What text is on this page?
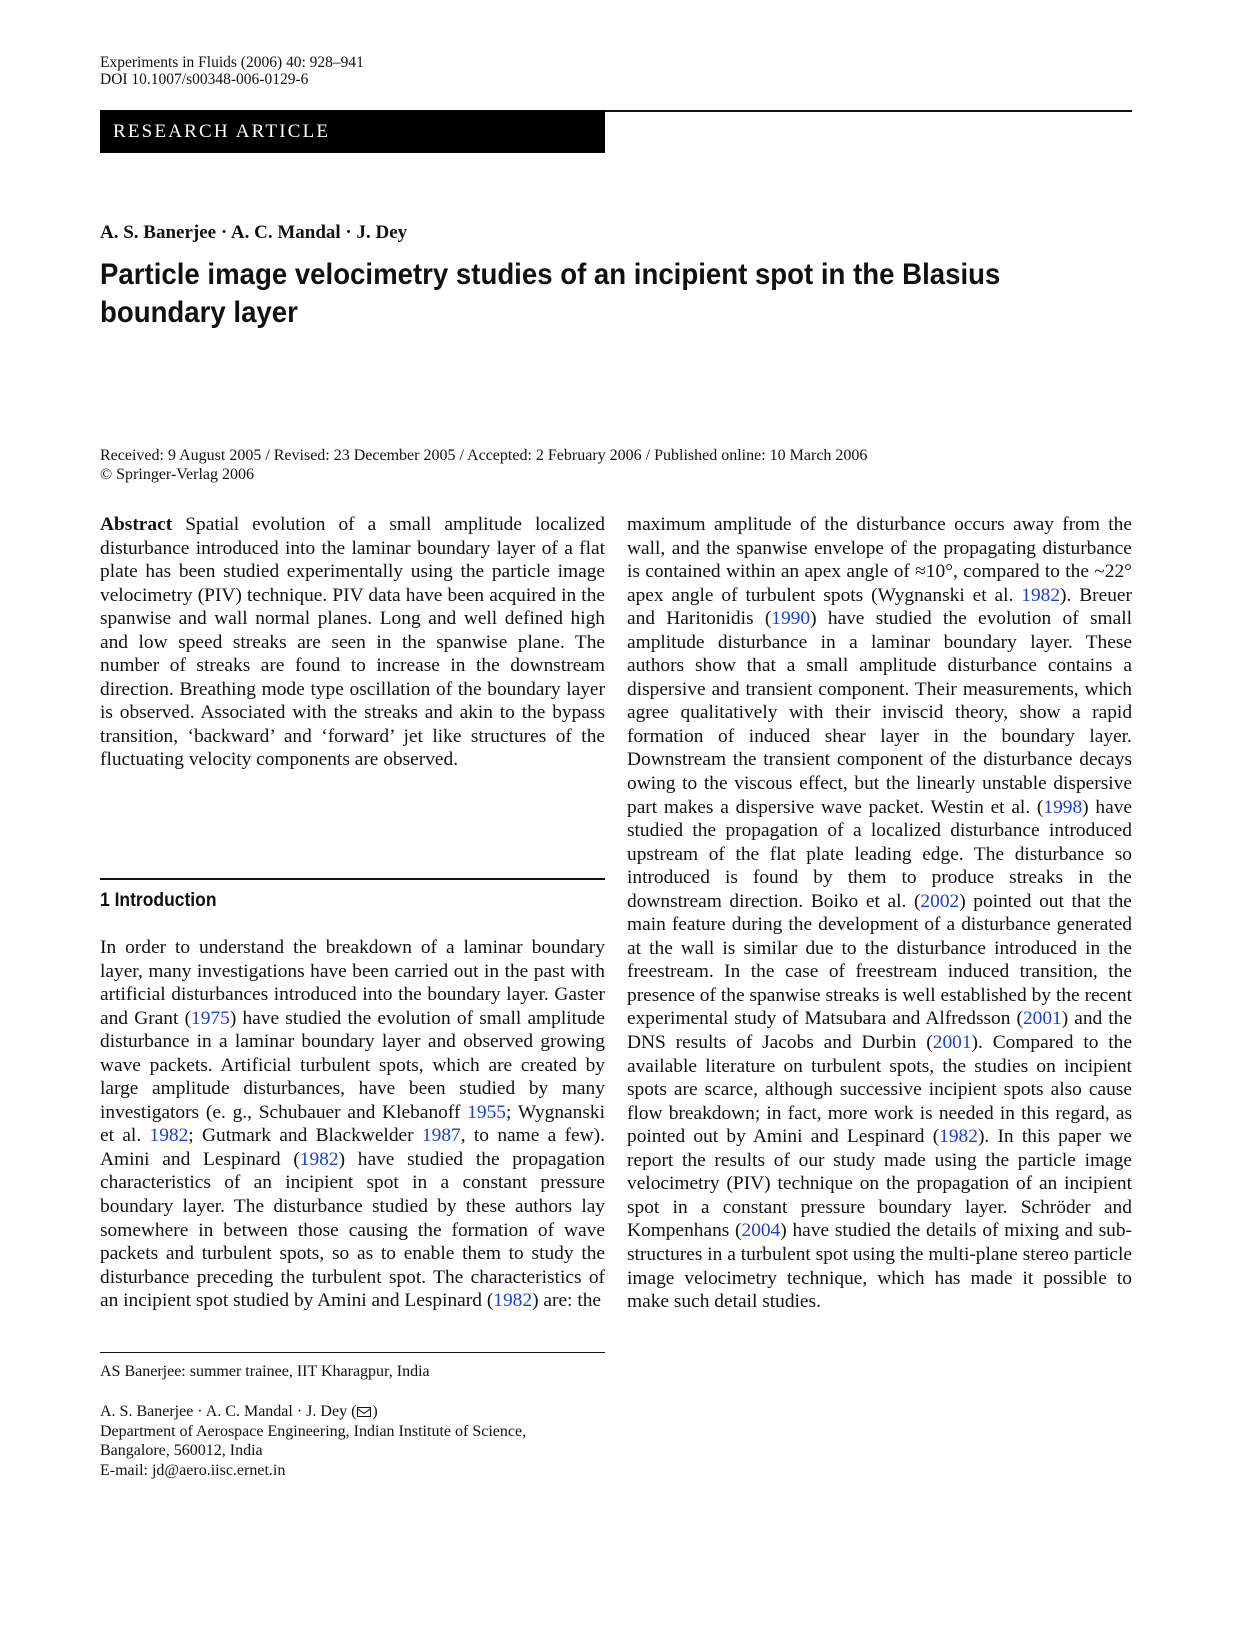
Experiments in Fluids (2006) 40: 928–941
DOI 10.1007/s00348-006-0129-6
RESEARCH ARTICLE
A. S. Banerjee · A. C. Mandal · J. Dey
Particle image velocimetry studies of an incipient spot in the Blasius boundary layer
Received: 9 August 2005 / Revised: 23 December 2005 / Accepted: 2 February 2006 / Published online: 10 March 2006
© Springer-Verlag 2006

Abstract Spatial evolution of a small amplitude localized disturbance introduced into the laminar boundary layer of a flat plate has been studied experimentally using the particle image velocimetry (PIV) technique. PIV data have been acquired in the spanwise and wall normal planes. Long and well defined high and low speed streaks are seen in the spanwise plane. The number of streaks are found to increase in the downstream direction. Breathing mode type oscillation of the boundary layer is observed. Associated with the streaks and akin to the bypass transition, ‘backward’ and ‘forward’ jet like structures of the fluctuating velocity components are observed.

1 Introduction

In order to understand the breakdown of a laminar boundary layer, many investigations have been carried out in the past with artificial disturbances introduced into the boundary layer. Gaster and Grant (1975) have studied the evolution of small amplitude disturbance in a laminar boundary layer and observed growing wave packets. Artificial turbulent spots, which are created by large amplitude disturbances, have been studied by many investigators (e. g., Schubauer and Klebanoff 1955; Wygnanski et al. 1982; Gutmark and Blackwelder 1987, to name a few). Amini and Lespinard (1982) have studied the propagation characteristics of an incipient spot in a constant pressure boundary layer. The disturbance studied by these authors lay somewhere in between those causing the formation of wave packets and turbulent spots, so as to enable them to study the disturbance preceding the turbulent spot. The characteristics of an incipient spot studied by Amini and Lespinard (1982) are: the

maximum amplitude of the disturbance occurs away from the wall, and the spanwise envelope of the propagating disturbance is contained within an apex angle of ≈10°, compared to the ~22° apex angle of turbulent spots (Wygnanski et al. 1982). Breuer and Haritonidis (1990) have studied the evolution of small amplitude disturbance in a laminar boundary layer. These authors show that a small amplitude disturbance contains a dispersive and transient component. Their measurements, which agree qualitatively with their inviscid theory, show a rapid formation of induced shear layer in the boundary layer. Downstream the transient component of the disturbance decays owing to the viscous effect, but the linearly unstable dispersive part makes a dispersive wave packet. Westin et al. (1998) have studied the propagation of a localized disturbance introduced upstream of the flat plate leading edge. The disturbance so introduced is found by them to produce streaks in the downstream direction. Boiko et al. (2002) pointed out that the main feature during the development of a disturbance generated at the wall is similar due to the disturbance introduced in the freestream. In the case of freestream induced transition, the presence of the spanwise streaks is well established by the recent experimental study of Matsubara and Alfredsson (2001) and the DNS results of Jacobs and Durbin (2001). Compared to the available literature on turbulent spots, the studies on incipient spots are scarce, although successive incipient spots also cause flow breakdown; in fact, more work is needed in this regard, as pointed out by Amini and Lespinard (1982). In this paper we report the results of our study made using the particle image velocimetry (PIV) technique on the propagation of an incipient spot in a constant pressure boundary layer. Schröder and Kompenhans (2004) have studied the details of mixing and sub-structures in a turbulent spot using the multi-plane stereo particle image velocimetry technique, which has made it possible to make such detail studies.

AS Banerjee: summer trainee, IIT Kharagpur, India
A. S. Banerjee · A. C. Mandal · J. Dey ( )
Department of Aerospace Engineering, Indian Institute of Science,
Bangalore, 560012, India
E-mail: jd@aero.iisc.ernet.in
